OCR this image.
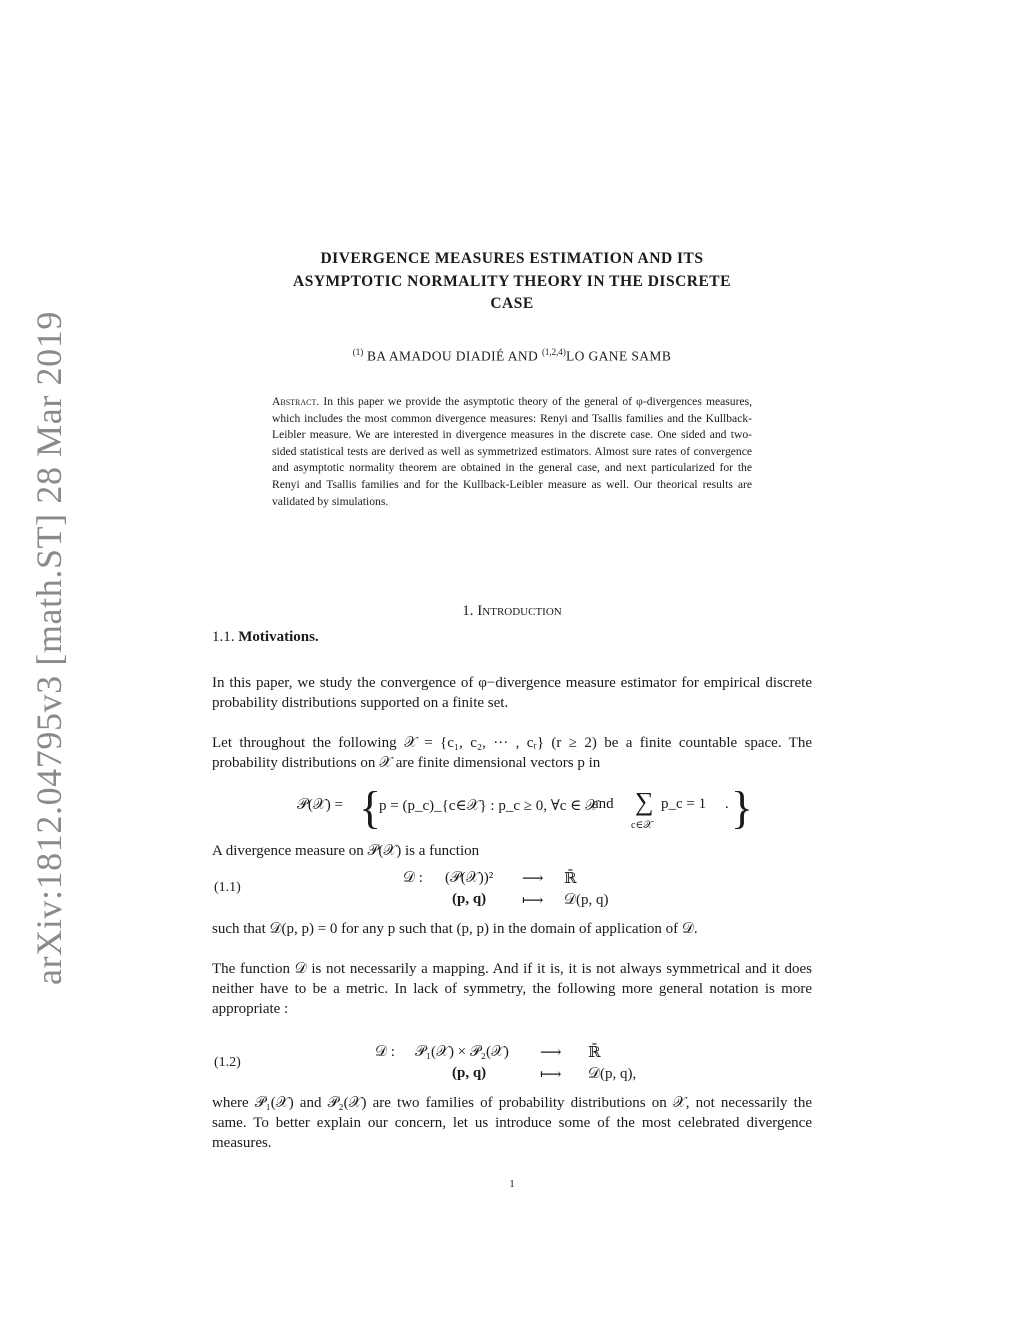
arXiv:1812.04795v3 [math.ST] 28 Mar 2019
DIVERGENCE MEASURES ESTIMATION AND ITS
ASYMPTOTIC NORMALITY THEORY IN THE DISCRETE
CASE
$^{(1)}$ BA AMADOU DIADIÉ AND $^{(1,2,4)}$LO GANE SAMB
Abstract. In this paper we provide the asymptotic theory of the general of φ-divergences measures, which includes the most common divergence measures: Renyi and Tsallis families and the Kullback-Leibler measure. We are interested in divergence measures in the discrete case. One sided and two-sided statistical tests are derived as well as symmetrized estimators. Almost sure rates of convergence and asymptotic normality theorem are obtained in the general case, and next particularized for the Renyi and Tsallis families and for the Kullback-Leibler measure as well. Our theorical results are validated by simulations.
1. Introduction
1.1. Motivations.
In this paper, we study the convergence of φ−divergence measure estimator for empirical discrete probability distributions supported on a finite set.
Let throughout the following 𝒳 = {c₁, c₂, ··· , cᵣ} (r ≥ 2) be a finite countable space. The probability distributions on 𝒳 are finite dimensional vectors p in
𝒫(𝒳) = {
p = (p_c)_{c∈𝒳} : p_c ≥ 0, ∀c ∈ 𝒳
and ∑
c∈𝒳
p_c = 1 }
.
A divergence measure on 𝒫(𝒳) is a function
(1.1)
𝒟 : (𝒫(𝒳))² ⟶ ℝ̄
(p, q) ⟼ 𝒟(p, q)
such that 𝒟(p, p) = 0 for any p such that (p, p) in the domain of application of 𝒟.
The function 𝒟 is not necessarily a mapping. And if it is, it is not always symmetrical and it does neither have to be a metric. In lack of symmetry, the following more general notation is more appropriate :
(1.2)
𝒟 : 𝒫₁(𝒳) × 𝒫₂(𝒳) ⟶ ℝ̄
(p, q)	⟼ 𝒟(p, q),
where 𝒫₁(𝒳) and 𝒫₂(𝒳) are two families of probability distributions on 𝒳, not necessarily the same. To better explain our concern, let us introduce some of the most celebrated divergence measures.
1
